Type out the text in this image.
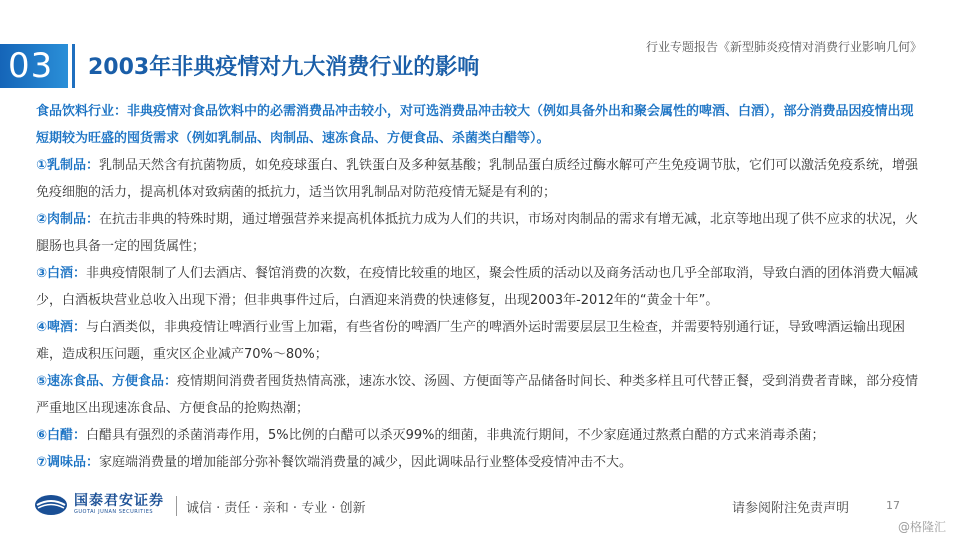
03	2003年非典疫情对九大消费行业的影响
行业专题报告《新型肺炎疫情对消费行业影响几何》

食品饮料行业：非典疫情对食品饮料中的必需消费品冲击较小，对可选消费品冲击较大（例如具备外出和聚会属性的啤酒、白酒），部分消费品因疫情出现短期较为旺盛的囤货需求（例如乳制品、肉制品、速冻食品、方便食品、杀菌类白醋等）。

①乳制品：乳制品天然含有抗菌物质，如免疫球蛋白、乳铁蛋白及多种氨基酸；乳制品蛋白质经过酶水解可产生免疫调节肽，它们可以激活免疫系统，增强免疫细胞的活力，提高机体对致病菌的抵抗力，适当饮用乳制品对防范疫情无疑是有利的；

②肉制品：在抗击非典的特殊时期，通过增强营养来提高机体抵抗力成为人们的共识，市场对肉制品的需求有增无减，北京等地出现了供不应求的状况，火腿肠也具备一定的囤货属性；

③白酒：非典疫情限制了人们去酒店、餐馆消费的次数，在疫情比较重的地区，聚会性质的活动以及商务活动也几乎全部取消，导致白酒的团体消费大幅减少，白酒板块营业总收入出现下滑；但非典事件过后，白酒迎来消费的快速修复，出现2003年-2012年的“黄金十年”。

④啤酒：与白酒类似，非典疫情让啤酒行业雪上加霜，有些省份的啤酒厂生产的啤酒外运时需要层层卫生检查，并需要特别通行证，导致啤酒运输出现困难，造成积压问题，重灾区企业减产70%～80%；

⑤速冻食品、方便食品：疫情期间消费者囤货热情高涨，速冻水饺、汤圆、方便面等产品储备时间长、种类多样且可代替正餐，受到消费者青睐，部分疫情严重地区出现速冻食品、方便食品的抢购热潮；

⑥白醋：白醋具有强烈的杀菌消毒作用，5%比例的白醋可以杀灭99%的细菌，非典流行期间，不少家庭通过熬煮白醋的方式来消毒杀菌；

⑦调味品：家庭端消费量的增加能部分弥补餐饮端消费量的减少，因此调味品行业整体受疫情冲击不大。

国泰君安证券
GUOTAI JUNAN SECURITIES	诚信 · 责任 · 亲和 · 专业 · 创新	请参阅附注免责声明	17
@格隆汇
